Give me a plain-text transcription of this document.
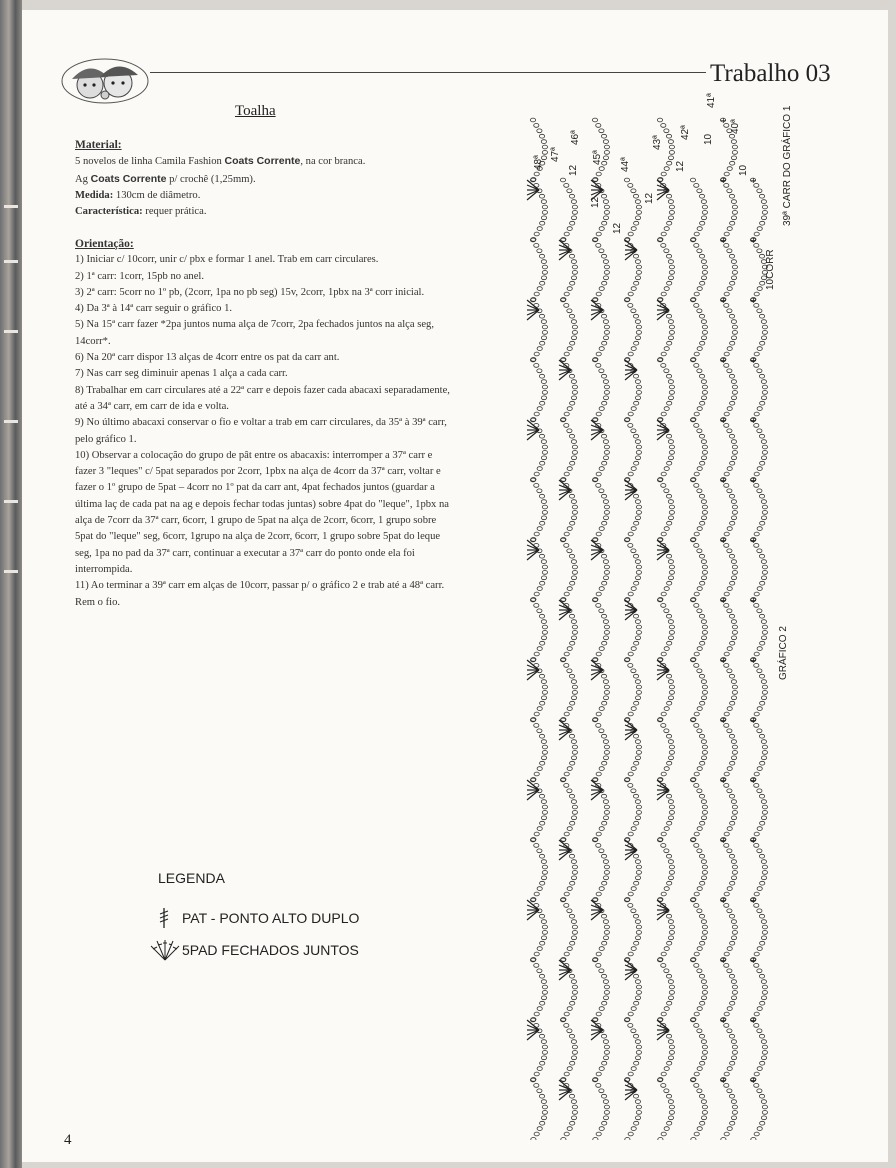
Trabalho 03
Toalha
Material:

5 novelos de linha Camila Fashion Coats Corrente, na cor branca.

Ag Coats Corrente p/ crochê (1,25mm).

Medida: 130cm de diâmetro.

Característica: requer prática.

Orientação:

1) Iniciar c/ 10corr, unir c/ pbx e formar 1 anel. Trab em carr circulares.

2) 1ª carr: 1corr, 15pb no anel.

3) 2ª carr: 5corr no 1º pb, (2corr, 1pa no pb seg) 15v, 2corr, 1pbx na 3ª corr inicial.

4) Da 3ª à 14ª carr seguir o gráfico 1.

5) Na 15ª carr fazer *2pa juntos numa alça de 7corr, 2pa fechados juntos na alça seg, 14corr*.

6) Na 20ª carr dispor 13 alças de 4corr entre os pat da carr ant.

7) Nas carr seg diminuir apenas 1 alça a cada carr.

8) Trabalhar em carr circulares até a 22ª carr e depois fazer cada abacaxi separadamente, até a 34ª carr, em carr de ida e volta.

9) No último abacaxi conservar o fio e voltar a trab em carr circulares, da 35ª à 39ª carr, pelo gráfico 1.

10) Observar a colocação do grupo de pât entre os abacaxis: interromper a 37ª carr e fazer 3 "leques" c/ 5pat separados por 2corr, 1pbx na alça de 4corr da 37ª carr, voltar e fazer o 1º grupo de 5pat – 4corr no 1º pat da carr ant, 4pat fechados juntos (guardar a última laç de cada pat na ag e depois fechar todas juntas) sobre 4pat do "leque", 1pbx na alça de 7corr da 37ª carr, 6corr, 1 grupo de 5pat na alça de 2corr, 6corr, 1 grupo sobre 5pat do "leque" seg, 6corr, 1grupo na alça de 2corr, 6corr, 1 grupo sobre 5pat do leque seg, 1pa no pad da 37ª carr, continuar a executar a 37ª carr do ponto onde ela foi interrompida.

11) Ao terminar a 39ª carr em alças de 10corr, passar p/ o gráfico 2 e trab até a 48ª carr. Rem o fio.

LEGENDA
PAT - PONTO ALTO DUPLO
5PAD FECHADOS JUNTOS
+
+
+
+
+
+
+
+
+
+
+
+
+
+
+
+
+
+
+
+
+
+
+
+
+
+
+
+
+
+
+
+
+
48ª
47ª
46ª
45ª 44ª
43ª
42ª
41ª
40ª
12
12
12
12
12
10
10	39ª CARR DO GRÁFICO 1
10CORR
GRÁFICO 2
4
